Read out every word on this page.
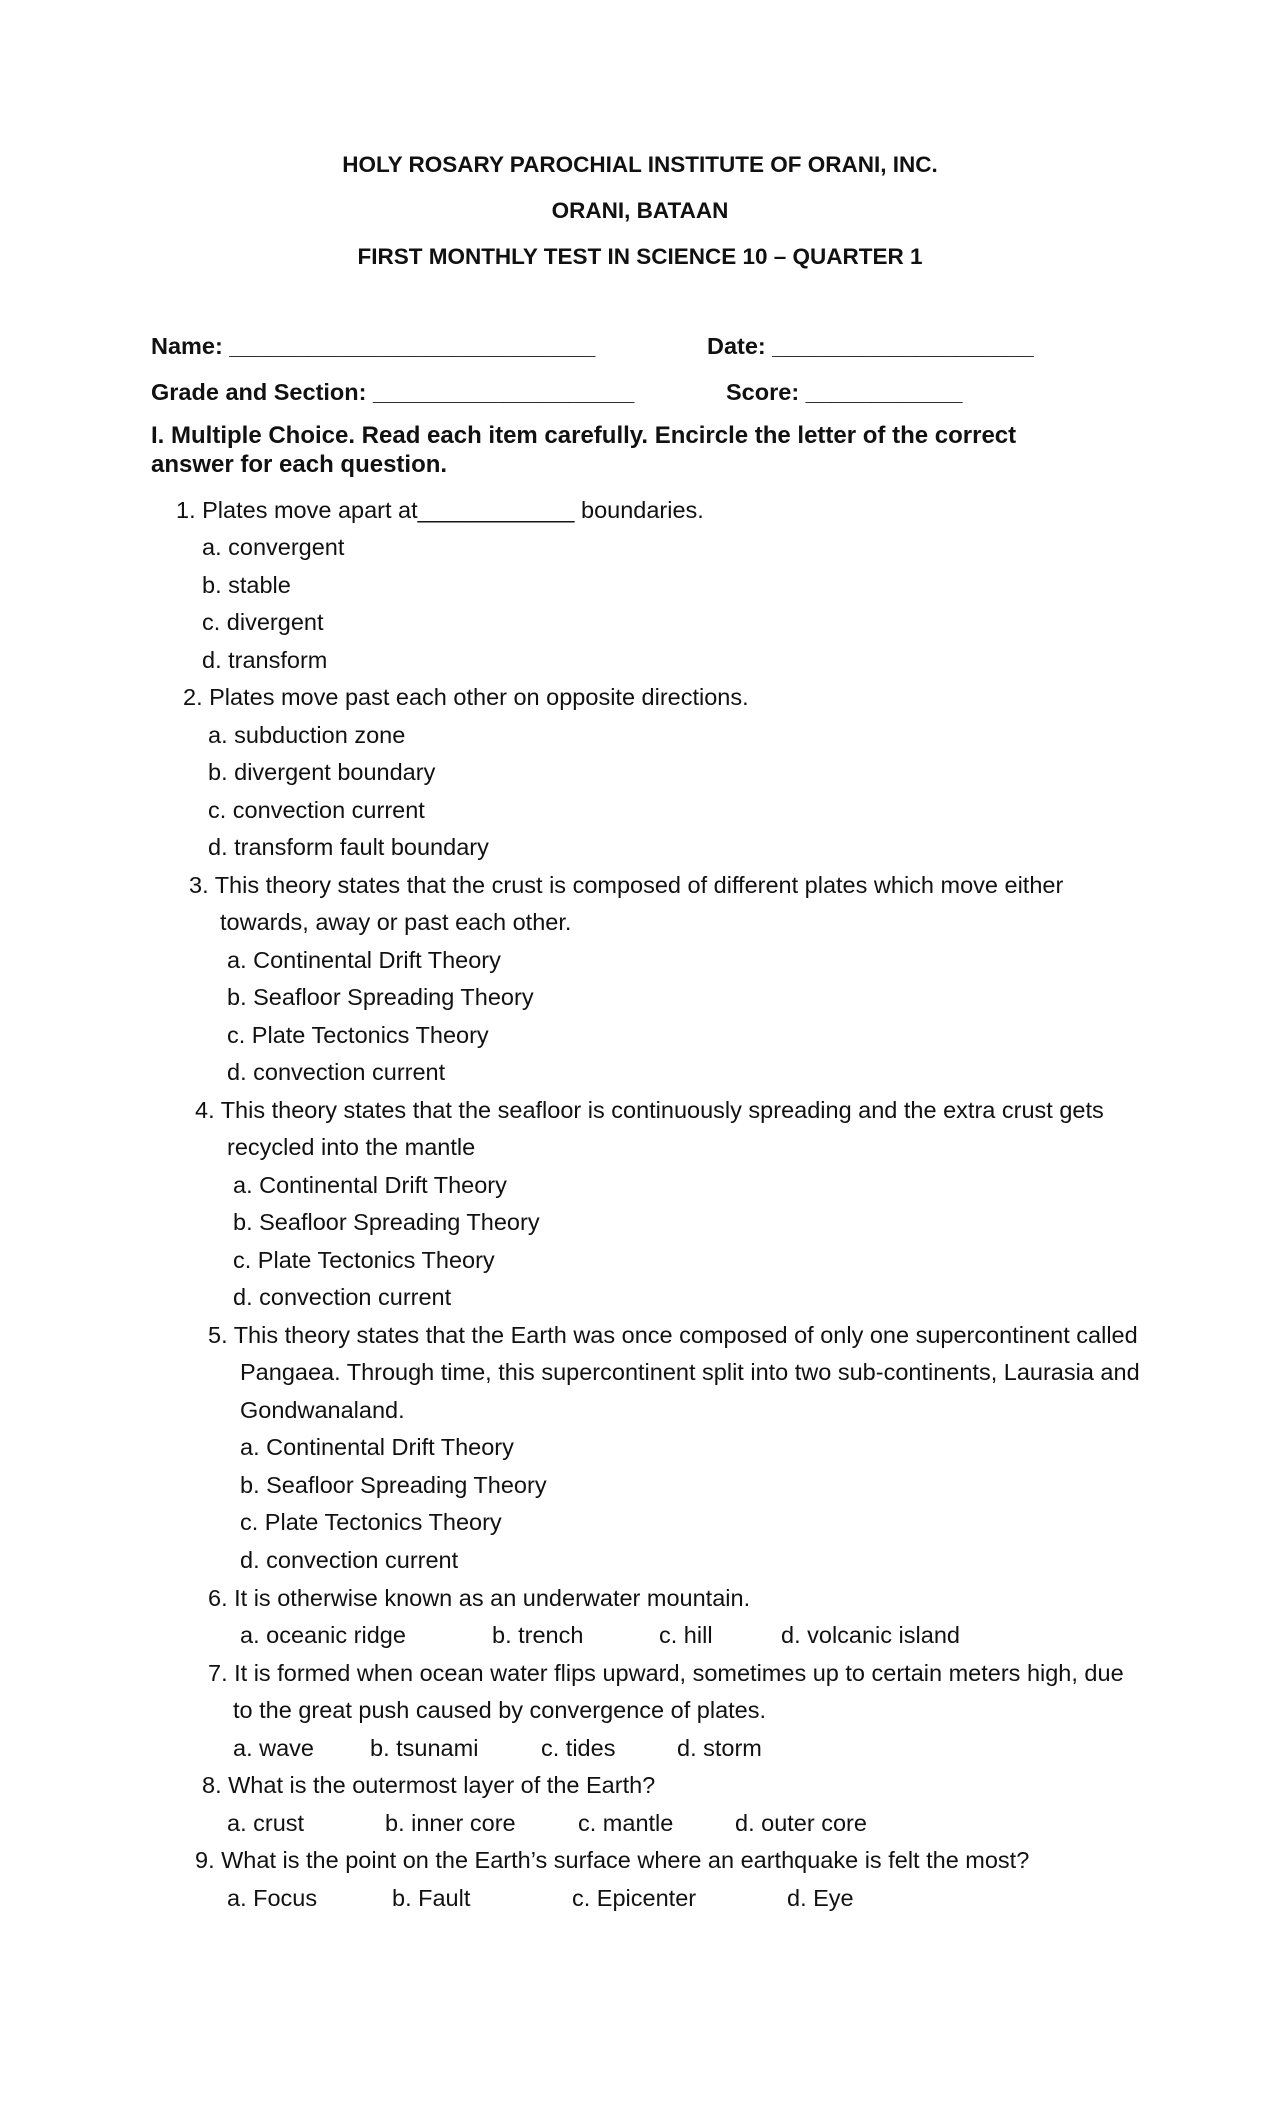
HOLY ROSARY PAROCHIAL INSTITUTE OF ORANI, INC.
ORANI, BATAAN
FIRST MONTHLY TEST IN SCIENCE 10 – QUARTER 1
Name: ____________________________	Date: ____________________
Grade and Section: ____________________	Score: ____________
I. Multiple Choice. Read each item carefully. Encircle the letter of the correct
answer for each question.
1. Plates move apart at____________ boundaries.
a. convergent
b. stable
c. divergent
d. transform
2. Plates move past each other on opposite directions.
a. subduction zone
b. divergent boundary
c. convection current
d. transform fault boundary
3. This theory states that the crust is composed of different plates which move either
towards, away or past each other.
a. Continental Drift Theory
b. Seafloor Spreading Theory
c. Plate Tectonics Theory
d. convection current
4. This theory states that the seafloor is continuously spreading and the extra crust gets
recycled into the mantle
a. Continental Drift Theory
b. Seafloor Spreading Theory
c. Plate Tectonics Theory
d. convection current
5. This theory states that the Earth was once composed of only one supercontinent called
Pangaea. Through time, this supercontinent split into two sub-continents, Laurasia and
Gondwanaland.
a. Continental Drift Theory
b. Seafloor Spreading Theory
c. Plate Tectonics Theory
d. convection current
6. It is otherwise known as an underwater mountain.
a. oceanic ridge	b. trench	c. hill	d. volcanic island
7. It is formed when ocean water flips upward, sometimes up to certain meters high, due
to the great push caused by convergence of plates.
a. wave b. tsunami	c. tides	d. storm
8. What is the outermost layer of the Earth?
a. crust	b. inner core	c. mantle	d. outer core
9. What is the point on the Earth’s surface where an earthquake is felt the most?
a. Focus	b. Fault	c. Epicenter	d. Eye
